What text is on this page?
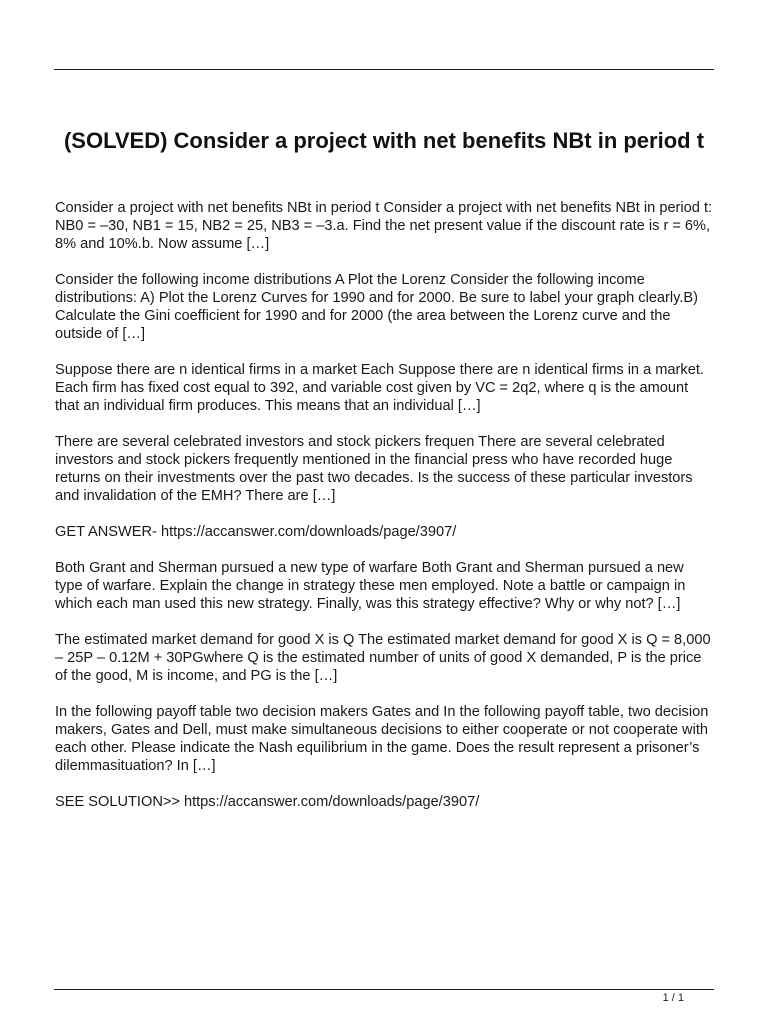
(SOLVED) Consider a project with net benefits NBt in period t

Consider a project with net benefits NBt in period t Consider a project with net benefits NBt in period t: NB0 = –30, NB1 = 15, NB2 = 25, NB3 = –3.a. Find the net present value if the discount rate is r = 6%, 8% and 10%.b. Now assume […]

Consider the following income distributions A Plot the Lorenz Consider the following income distributions: A) Plot the Lorenz Curves for 1990 and for 2000. Be sure to label your graph clearly.B) Calculate the Gini coefficient for 1990 and for 2000 (the area between the Lorenz curve and the outside of […]

Suppose there are n identical firms in a market Each Suppose there are n identical firms in a market. Each firm has fixed cost equal to 392, and variable cost given by VC = 2q2, where q is the amount that an individual firm produces. This means that an individual […]

There are several celebrated investors and stock pickers frequen There are several celebrated investors and stock pickers frequently mentioned in the financial press who have recorded huge returns on their investments over the past two decades. Is the success of these particular investors and invalidation of the EMH? There are […]

GET ANSWER- https://accanswer.com/downloads/page/3907/

Both Grant and Sherman pursued a new type of warfare Both Grant and Sherman pursued a new type of warfare. Explain the change in strategy these men employed. Note a battle or campaign in which each man used this new strategy. Finally, was this strategy effective? Why or why not? […]

The estimated market demand for good X is Q The estimated market demand for good X is Q = 8,000 – 25P – 0.12M + 30PGwhere Q is the estimated number of units of good X demanded, P is the price of the good, M is income, and PG is the […]

In the following payoff table two decision makers Gates and In the following payoff table, two decision makers, Gates and Dell, must make simultaneous decisions to either cooperate or not cooperate with each other. Please indicate the Nash equilibrium in the game. Does the result represent a prisoner’s dilemmasituation? In […]

SEE SOLUTION>> https://accanswer.com/downloads/page/3907/

1 / 1
